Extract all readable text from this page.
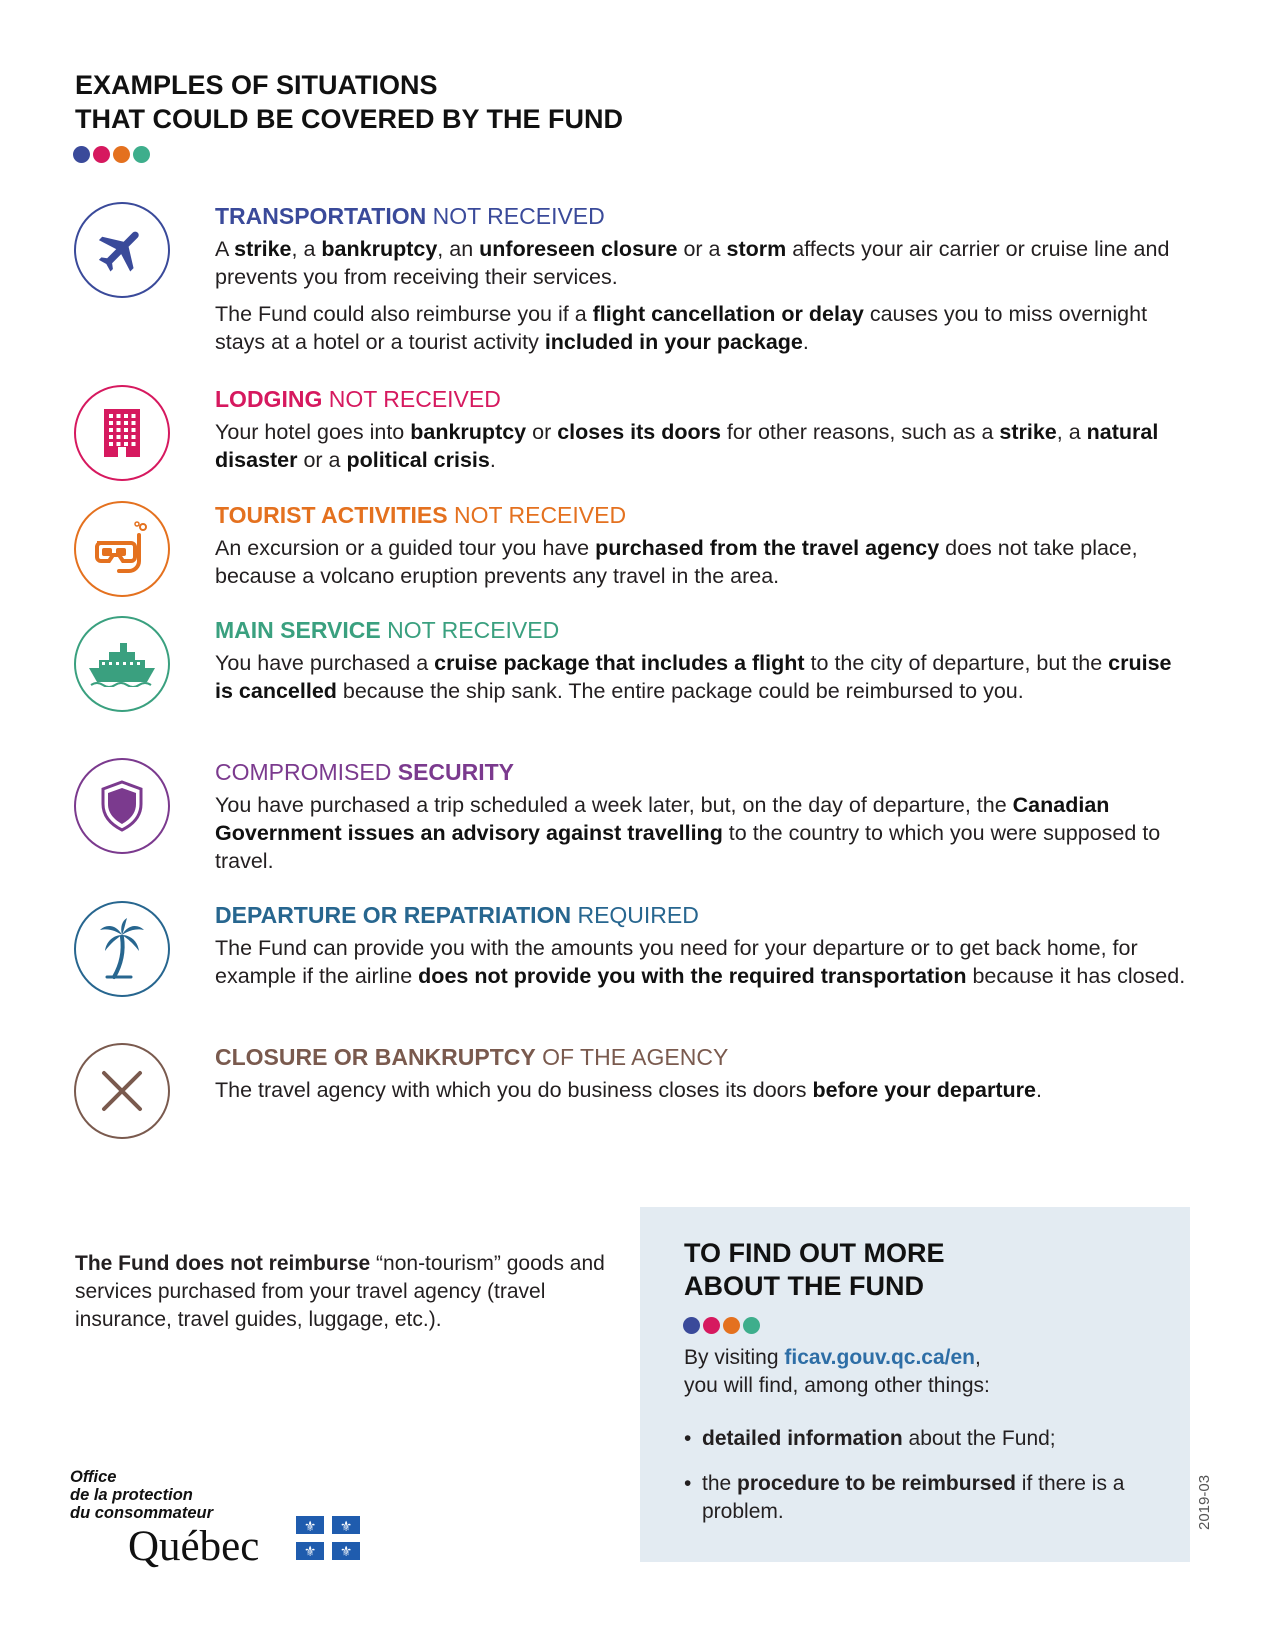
EXAMPLES OF SITUATIONS
THAT COULD BE COVERED BY THE FUND
TRANSPORTATION NOT RECEIVED

A strike, a bankruptcy, an unforeseen closure or a storm affects your air carrier or cruise line and prevents you from receiving their services.

The Fund could also reimburse you if a flight cancellation or delay causes you to miss overnight stays at a hotel or a tourist activity included in your package.

LODGING NOT RECEIVED

Your hotel goes into bankruptcy or closes its doors for other reasons, such as a strike, a natural disaster or a political crisis.

TOURIST ACTIVITIES NOT RECEIVED

An excursion or a guided tour you have purchased from the travel agency does not take place, because a volcano eruption prevents any travel in the area.

MAIN SERVICE NOT RECEIVED

You have purchased a cruise package that includes a flight to the city of departure, but the cruise is cancelled because the ship sank. The entire package could be reimbursed to you.

COMPROMISED SECURITY

You have purchased a trip scheduled a week later, but, on the day of departure, the Canadian Government issues an advisory against travelling to the country to which you were supposed to travel.

DEPARTURE OR REPATRIATION REQUIRED

The Fund can provide you with the amounts you need for your departure or to get back home, for example if the airline does not provide you with the required transportation because it has closed.

CLOSURE OR BANKRUPTCY OF THE AGENCY

The travel agency with which you do business closes its doors before your departure.

The Fund does not reimburse “non-tourism” goods and services purchased from your travel agency (travel insurance, travel guides, luggage, etc.).

TO FIND OUT MORE
ABOUT THE FUND

By visiting ficav.gouv.qc.ca/en,
you will find, among other things:

• detailed information about the Fund;
• the procedure to be reimbursed if there is a problem.

Office
de la protection
du consommateur

Québec	⚜ ⚜
⚜ ⚜
2019-03
